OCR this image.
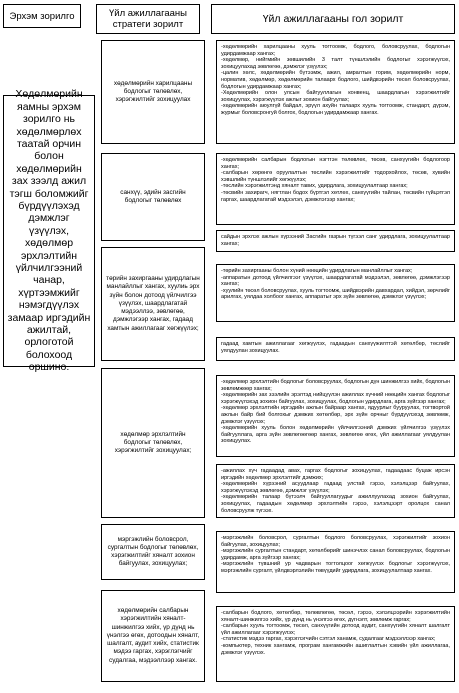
Эрхэм зорилго	Үйл ажиллагааны стратеги зорилт	Үйл ажиллагааны гол зорилт
Хөдөлмөрийн яамны эрхэм зорилго нь хөдөлмөрлөх таатай орчин болон хөдөлмөрийн зах зээлд ажил тэгш боломжийг бүрдүүлэхэд дэмжлэг үзүүлэх, хөдөлмөр эрхлэлтийн үйлчилгээний чанар, хүртээмжийг нэмэгдүүлэх замаар иргэдийн ажилтай, орлоготой болохоод оршино.
хөдөлмөрийн харилцааны бодлогыг төлөвлөх, хэрэгжилтийг зохицуулах
санхүү, эдийн засгийн бодлогыг төлөвлөх
төрийн захиргааны удирдлагын манлайллыг хангах, хуулиь эрх зүйн болон дотоод үйлчилгээ үзүүлэх, шаардлагатай мэдээллээ, зөвлөгөө, дэмжлэгээр хангах, гадаад хамтын ажиллагааг хөгжүүлэх;
хөдөлмөр эрхлэлтийн бодлогыг төлөвлөх, хэрэгжилтийг зохицуулах;
мэргэжлийн боловсрол, сургалтын бодлогыг төлөвлөх, хэрэгжилтийг хяналт зохион байгуулах, зохицуулах;
хөдөлмөрийн салбарын хэрэгжилтийн хяналт-шинжилгээ хийх, үр дүнд нь үнэлгээ өгөх, дотоодын хяналт, шалгалт, аудит хийх, статистик мэдээ гаргах, хэрэглэгчийг судалгаа, мэдээллээр хангах.
-хөдөлмөрийн харилцааны хууль тогтоомж, бодлого, боловсруулах, бодлогын удирдамжаар хангах;
-хөдөлмөр, нийгмийн зөвшилийн 3 талт түншлэлийн бодлогыг хэрэгжүүлэх, зохицуулахад зөвлөгөө, дэмжлэг үзүүлэх;
-цалин хөлс, хөдөлмөрийн бүтээмж, ажил, амралтын горим, хөдөлмөрийн норм, норматив, хөдөлмөр, хөдөлмөрийн талаарх бодлого, шийдвэрийн төсөл боловсруулах, бодлогын удирдамжаар хангах;
-Хөдөлмөрийн олон улсын байгууллагын конвенц, шаардлагын хэрэгжилтийг зохицуулах, хэрэгжүүлэх ажлыг зохион байгуулах;
-хөдөлмөрийн аюулгүй байдал, эрүүл ахуйн талаарх хууль тогтоомж, стандарт, дүрэм, журмыг боловсронгуй болгох, бодлогын удирдамжаар хангах.
-хөдөлмөрийн салбарын бодлогын нэгтгэн төлөвлөх, төсөв, санхүүгийн бодлогоор хангах;
-салбарын хөрөнгө оруулалтын төслийн хэрэгжилтийг тодорхойлох, төсөв, хувийн хэвшлийн түншлэлийг хөгжүүлэх;
-төслийн хэрэгжилтэнд хяналт тавих, удирдлага, зохицуулалтаар хангах;
-төсвийн захирагч, нягтлан бодох бүртгэл хөтлөх, санхүүгийн тайлан, төсвийн гүйцэтгэл гаргах, шаардлагатай мэдээлэл, дэмжлэгээр хангах;
сайдын эрхлэх ажлын хүрээний Засгийн газрын түгээл санг удирдлага, зохицуулалтаар хангах;
-төрийн захиргааны болон хүний нөөцийн удирдлагын манлайллыг хангах;
-аппаратын дотоод үйлчилгээг үзүүлэх, шаардлагатай мэдээлэл, зөвлөгөө, дэмжлэгээр хангах;
-хуулийн төсөл боловсруулах, хууль тогтоомж, шийдвэрийн давхардал, хийдэл, зөрчлийг арилгах, уялдаа холбоог хангах, аппаратыг эрх зүйн зөвлөгөө, дэмжлэг үзүүлэх;
гадаад хамтын ажиллагааг хөгжүүлэх, гадаадын санхүүжилттэй хөтөлбөр, төслийг уялдуулан зохицуулах.
-хөдөлмөр эрхлэлтийн бодлогыг боловсруулах, бодлогын дүн шинжилгээ хийх, бодлогын зөвлөмжөөр хангах;
-хөдөлмөрийн зах зээлийн эрэлтэд нийцүүлэн ажиллах хүчний нөөцийн хангах бодлогыг хэрэгжүүлэхэд зохион байгуулах, зохицуулах, бодлогын удирдлага, арга зүйгээр хангах;
-хөдөлмөр эрхлэлтийн иргэдийн ажлын байраар хангах, ядуурлыг бууруулах, тогтвортой ажлын байр бий болгохыг дэмжих хөтөлбөр, эрх зүйн орчныг бүрдүүлэхэд зөвлөмж, дэмжлэг үзүүлэх;
-хөдөлмөрийн хууль болон хөдөлмөрийн үйлчилгээний дэмжих үйлчилгээ үзүүлэх байгууллага, арга зүйн зөвлөгөөгөөр хангах, зөвлөгөө өгөх, үйл ажиллагааг уялдуулан зохицуулах.
-ажиллах хүч гадаадад авах, гаргах бодлогыг зохицуулах, гадаадаас буцаж ирсэн иргэдийн хөдөлмөр эрхлэлтийг дэмжих;
-хөдөлмөрийн хүрээний асуудлаар гадаад улстай гэрээ, хэлэлцээр байгуулах, хэрэгжүүлэхэд зөвлөгөө, дэмжлэг үзүүлэх;
-хөдөлмөрийн талаар бүтээлч байгууллагуудыг ажиллуулахад зохион байгуулах, зохицуулах, гадаадын хөдөлмөр эрхлэлтийн гэрээ, хэлэлцээрт оролцох санал боловсруулж түгээх.
-мэргэжлийн боловсрол, сургалтын бодлого боловсруулах, хэрэгжилтийг зохион байгуулах, зохицуулах;
-мэргэжлийн сургалтын стандарт, хөтөлбөрийг шинэчлэх санал боловсруулах, бодлогын удирдамж, арга зүйгээр хангах;
-мэргэжлийн түвшний ур чадварын тогтолцоог хөгжүүлэх бодлогыг хэрэгжүүлэх, мэргэжлийн сургалт, үйлдвэрлэлийн төвүүдийг удирдлага, зохицуулалтаар хангах.
-салбарын бодлого, хөтөлбөр, төлөвлөгөө, төсөл, гэрээ, хэлэлцээрийн хэрэгжилтийн хяналт-шинжилгээ хийх, үр дүнд нь үнэлгээ өгөх, дүгнэлт, зөвлөмж гаргах;
-салбарын хууль тогтоомж, төсөл, санхүүгийн дотоод аудит, санхүүгийн хяналт шалгалт үйл ажиллагааг хэрэгжүүлэх;
-статистик мэдээ гаргах, хэрэглэгчийн сэтгэл ханамж, судалгааг мэдээллээр хангах;
-компьютер, техник хангамж, програм хангамжийн ашиглалтын хэвийн үйл ажиллагаа, дэмжлэг үзүүлэх.
